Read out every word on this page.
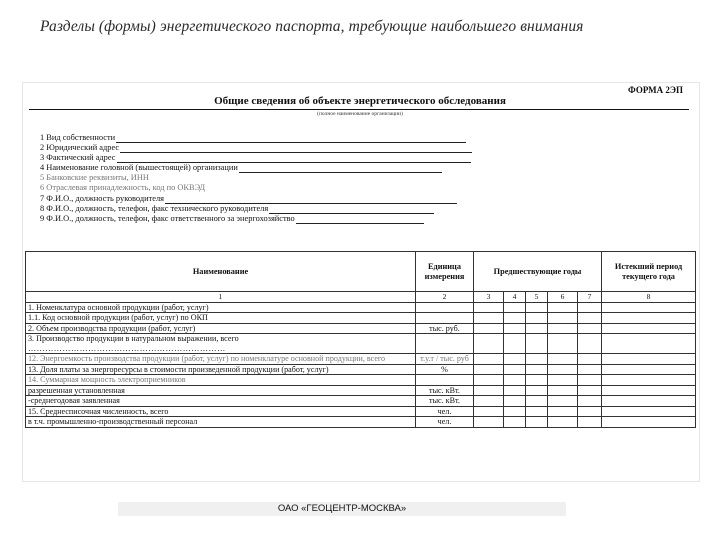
Разделы (формы) энергетического паспорта, требующие наибольшего внимания
ФОРМА 2ЭП
Общие сведения об объекте энергетического обследования
(полное наименование организации)
1 Вид собственности
2 Юридический адрес
3 Фактический адрес
4 Наименование головной (вышестоящей) организации
5 Банковские реквизиты, ИНН
6 Отраслевая принадлежность, код по ОКВЭД
7 Ф.И.О., должность руководителя
8 Ф.И.О., должность, телефон, факс технического руководителя
9 Ф.И.О., должность, телефон, факс ответственного за энергохозяйство
Наименование	Единица измерения	Предшествующие годы					Истекший период текущего года
1	2	3	4	5	6	7	8
1. Номенклатура основной продукции (работ, услуг)							
1.1. Код основной продукции (работ, услуг) по ОКП							
2. Объем производства продукции (работ, услуг)	тыс. руб.						
3. Производство продукции в натуральном выражении, всего							
……………………………………………………………							
12. Энергоемкость производства продукции (работ, услуг) по номенклатуре основной продукции, всего	т.у.т / тыс. руб						
13. Доля платы за энергоресурсы в стоимости произведенной продукции (работ, услуг)	%						
14. Суммарная мощность электроприемников							
разрешенная установленная	тыс. кВт.						
-среднегодовая заявленная	тыс. кВт.						
15. Среднесписочная численность, всего	чел.						
в т.ч. промышленно-производственный персонал	чел.						
ОАО «ГЕОЦЕНТР-МОСКВА»
